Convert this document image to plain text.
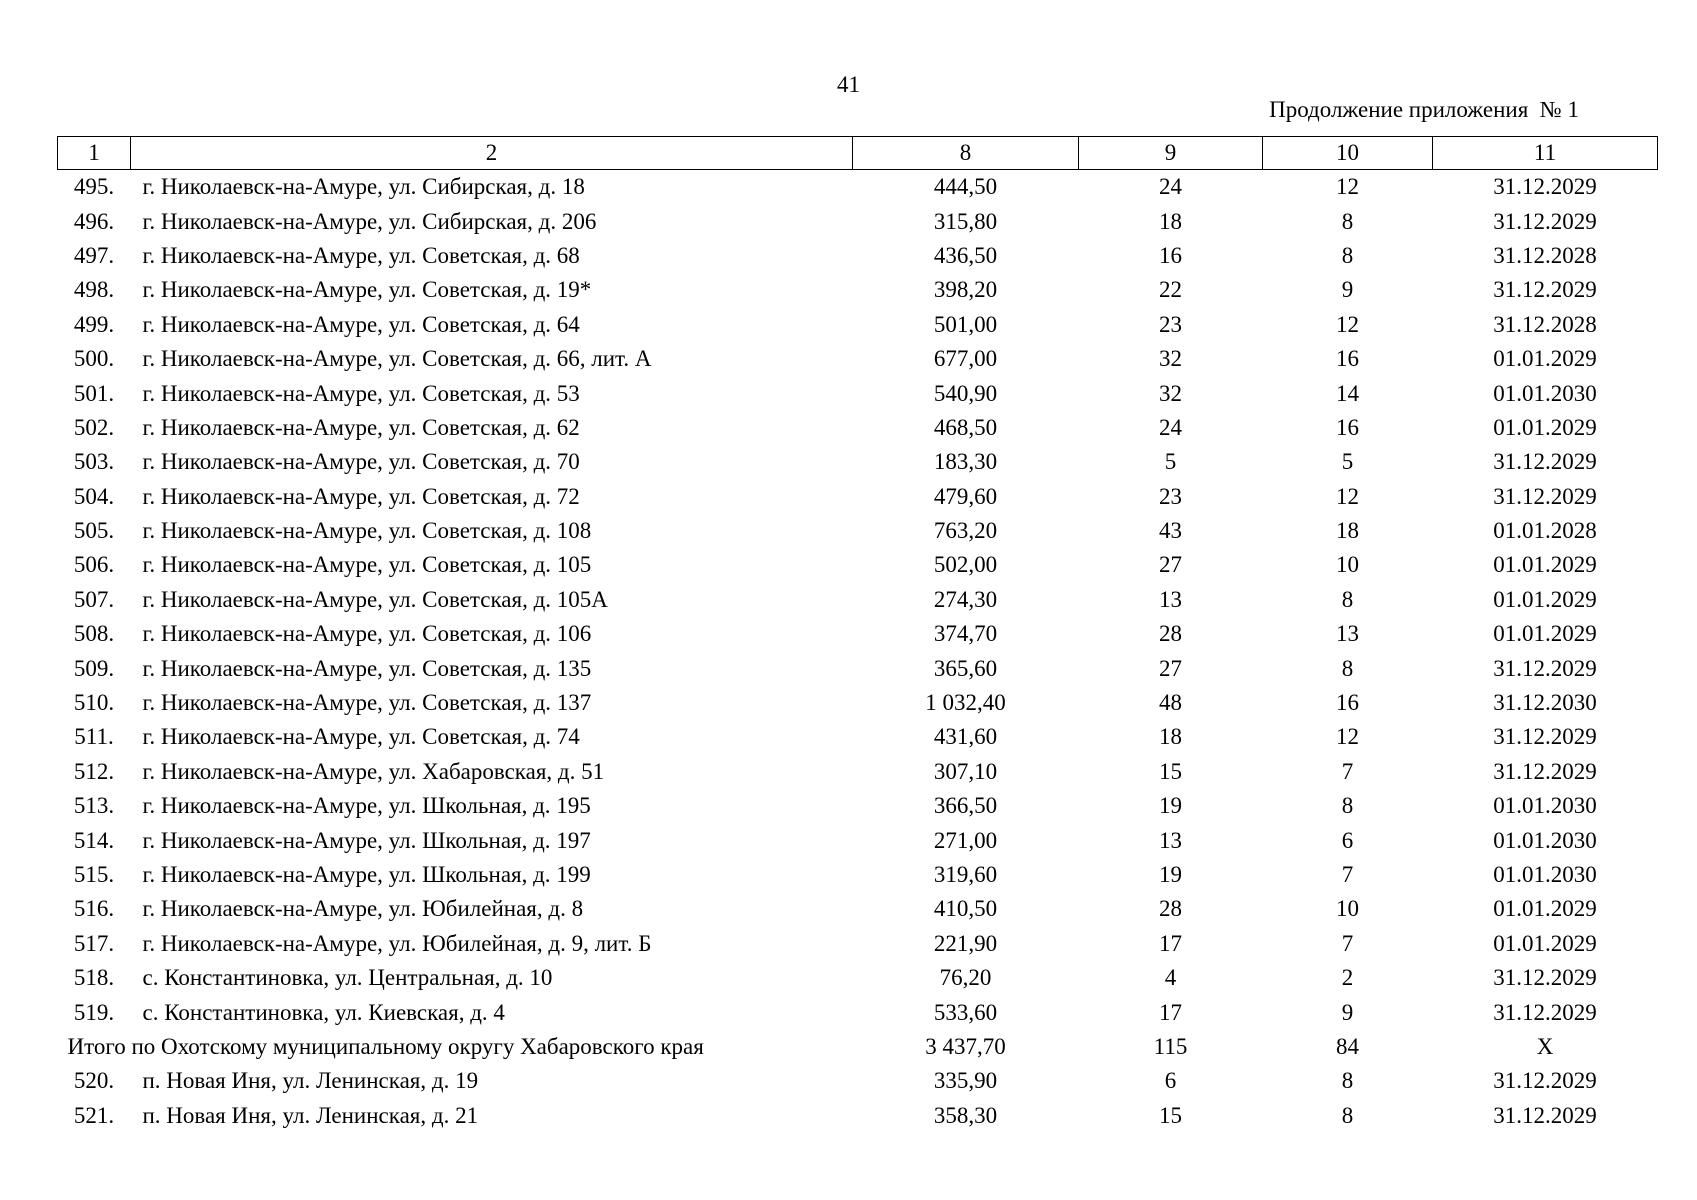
41
Продолжение приложения  № 1
1	2	8	9	10	11
495.	г. Николаевск-на-Амуре, ул. Сибирская, д. 18	444,50	24	12	31.12.2029
496.	г. Николаевск-на-Амуре, ул. Сибирская, д. 206	315,80	18	8	31.12.2029
497.	г. Николаевск-на-Амуре, ул. Советская, д. 68	436,50	16	8	31.12.2028
498.	г. Николаевск-на-Амуре, ул. Советская, д. 19*	398,20	22	9	31.12.2029
499.	г. Николаевск-на-Амуре, ул. Советская, д. 64	501,00	23	12	31.12.2028
500.	г. Николаевск-на-Амуре, ул. Советская, д. 66, лит. А	677,00	32	16	01.01.2029
501.	г. Николаевск-на-Амуре, ул. Советская, д. 53	540,90	32	14	01.01.2030
502.	г. Николаевск-на-Амуре, ул. Советская, д. 62	468,50	24	16	01.01.2029
503.	г. Николаевск-на-Амуре, ул. Советская, д. 70	183,30	5	5	31.12.2029
504.	г. Николаевск-на-Амуре, ул. Советская, д. 72	479,60	23	12	31.12.2029
505.	г. Николаевск-на-Амуре, ул. Советская, д. 108	763,20	43	18	01.01.2028
506.	г. Николаевск-на-Амуре, ул. Советская, д. 105	502,00	27	10	01.01.2029
507.	г. Николаевск-на-Амуре, ул. Советская, д. 105А	274,30	13	8	01.01.2029
508.	г. Николаевск-на-Амуре, ул. Советская, д. 106	374,70	28	13	01.01.2029
509.	г. Николаевск-на-Амуре, ул. Советская, д. 135	365,60	27	8	31.12.2029
510.	г. Николаевск-на-Амуре, ул. Советская, д. 137	1 032,40	48	16	31.12.2030
511.	г. Николаевск-на-Амуре, ул. Советская, д. 74	431,60	18	12	31.12.2029
512.	г. Николаевск-на-Амуре, ул. Хабаровская, д. 51	307,10	15	7	31.12.2029
513.	г. Николаевск-на-Амуре, ул. Школьная, д. 195	366,50	19	8	01.01.2030
514.	г. Николаевск-на-Амуре, ул. Школьная, д. 197	271,00	13	6	01.01.2030
515.	г. Николаевск-на-Амуре, ул. Школьная, д. 199	319,60	19	7	01.01.2030
516.	г. Николаевск-на-Амуре, ул. Юбилейная, д. 8	410,50	28	10	01.01.2029
517.	г. Николаевск-на-Амуре, ул. Юбилейная, д. 9, лит. Б	221,90	17	7	01.01.2029
518.	с. Константиновка, ул. Центральная, д. 10	76,20	4	2	31.12.2029
519.	с. Константиновка, ул. Киевская, д. 4	533,60	17	9	31.12.2029
Итого по Охотскому муниципальному округу Хабаровского края		3 437,70	115	84	Х
520.	п. Новая Иня, ул. Ленинская, д. 19	335,90	6	8	31.12.2029
521.	п. Новая Иня, ул. Ленинская, д. 21	358,30	15	8	31.12.2029
